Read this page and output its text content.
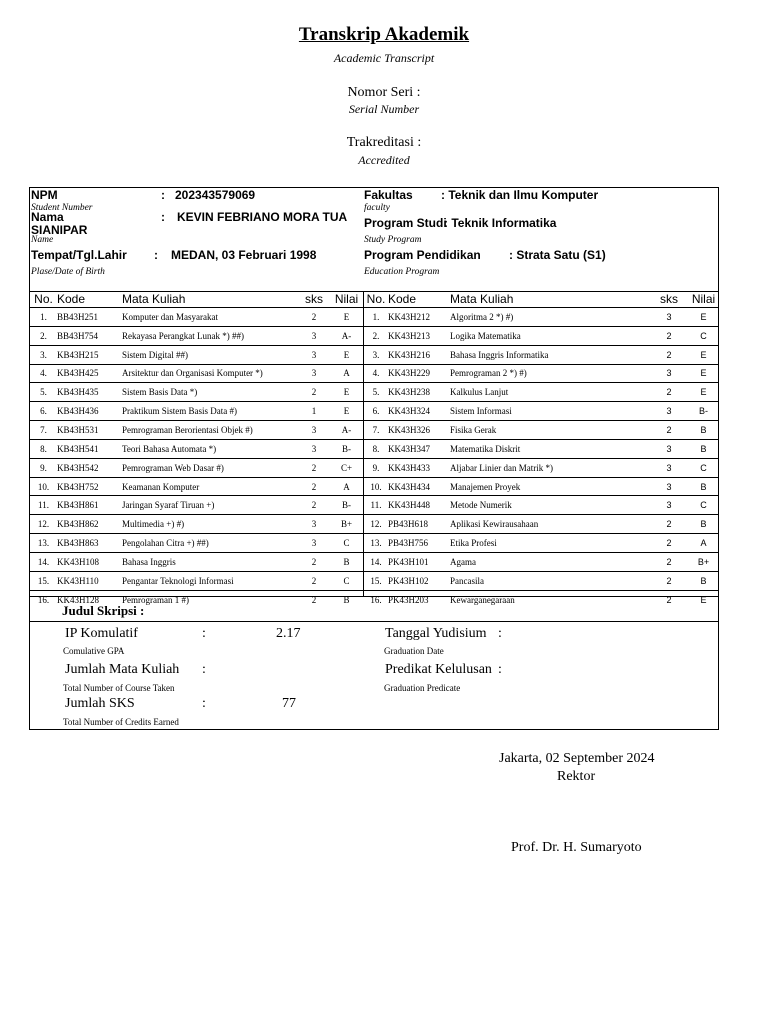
Transkrip Akademik
Academic Transcript
Nomor Seri :
Serial Number
Trakreditasi :
Accredited
NPM	: 202343579069
Student Number
Nama	: KEVIN FEBRIANO MORA TUA
SIANIPAR
Name
Tempat/Tgl.Lahir : MEDAN, 03 Februari 1998
Plase/Date of Birth
Fakultas : Teknik dan Ilmu Komputer
faculty
Program Studi
: Teknik Informatika
Study Program
Program Pendidikan : Strata Satu (S1)
Education Program
No.	Kode	Mata Kuliah	sks	Nilai
1.	BB43H251	Komputer dan Masyarakat	2	E
2.	BB43H754	Rekayasa Perangkat Lunak *) ##)	3	A-
3.	KB43H215	Sistem Digital ##)	3	E
4.	KB43H425	Arsitektur dan Organisasi Komputer *)	3	A
5.	KB43H435	Sistem Basis Data *)	2	E
6.	KB43H436	Praktikum Sistem Basis Data #)	1	E
7.	KB43H531	Pemrograman Berorientasi Objek #)	3	A-
8.	KB43H541	Teori Bahasa Automata *)	3	B-
9.	KB43H542	Pemrograman Web Dasar #)	2	C+
10.	KB43H752	Keamanan Komputer	2	A
11.	KB43H861	Jaringan Syaraf Tiruan +)	2	B-
12.	KB43H862	Multimedia +) #)	3	B+
13.	KB43H863	Pengolahan Citra +) ##)	3	C
14.	KK43H108	Bahasa Inggris	2	B
15.	KK43H110	Pengantar Teknologi Informasi	2	C
16.	KK43H128	Pemrograman 1 #)	2	B
No.	Kode	Mata Kuliah	sks	Nilai
1.	KK43H212	Algoritma 2 *) #)	3	E
2.	KK43H213	Logika Matematika	2	C
3.	KK43H216	Bahasa Inggris Informatika	2	E
4.	KK43H229	Pemrograman 2 *) #)	3	E
5.	KK43H238	Kalkulus Lanjut	2	E
6.	KK43H324	Sistem Informasi	3	B-
7.	KK43H326	Fisika Gerak	2	B
8.	KK43H347	Matematika Diskrit	3	B
9.	KK43H433	Aljabar Linier dan Matrik *)	3	C
10.	KK43H434	Manajemen Proyek	3	B
11.	KK43H448	Metode Numerik	3	C
12.	PB43H618	Aplikasi Kewirausahaan	2	B
13.	PB43H756	Etika Profesi	2	A
14.	PK43H101	Agama	2	B+
15.	PK43H102	Pancasila	2	B
16.	PK43H203	Kewarganegaraan	2	E
Judul Skripsi :
IP Komulatif	:	2.17
Comulative GPA
Jumlah Mata Kuliah :
Total Number of Course Taken
Jumlah SKS	:	77
Total Number of Credits Earned
Tanggal Yudisium :
Graduation Date
Predikat Kelulusan :
Graduation Predicate
Jakarta, 02 September 2024
Rektor
Prof. Dr. H. Sumaryoto
